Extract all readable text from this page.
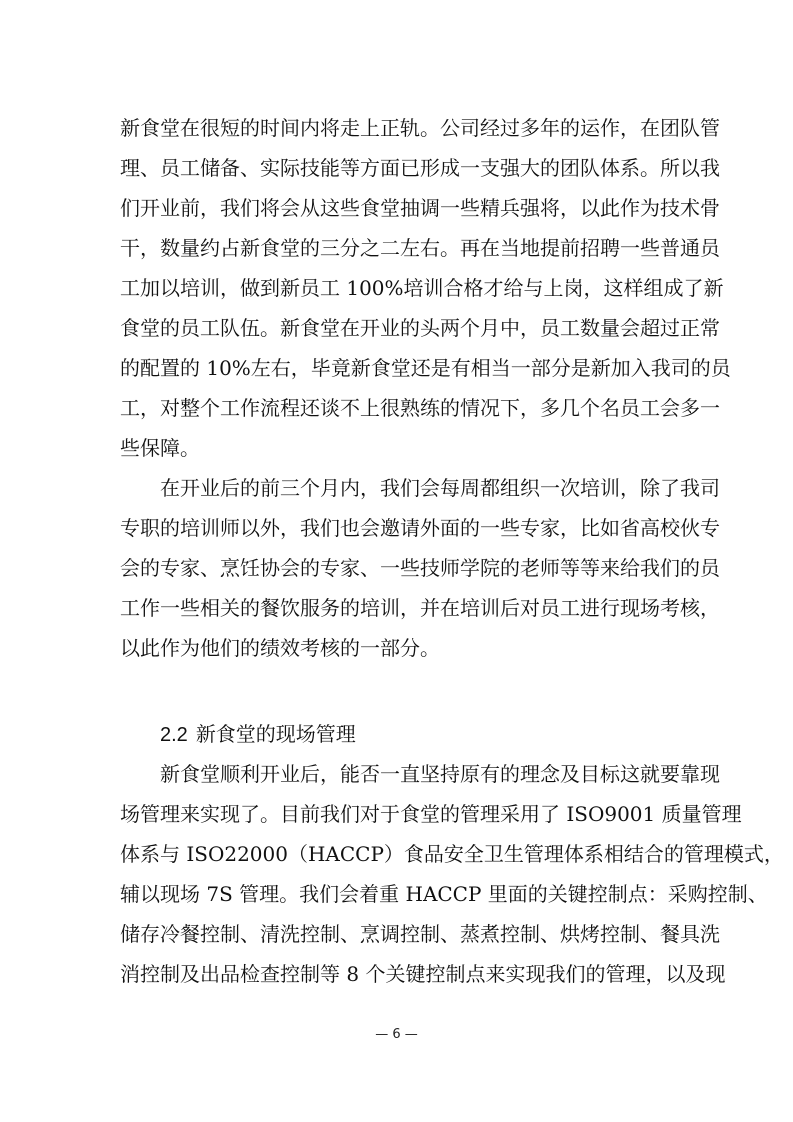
新食堂在很短的时间内将走上正轨。公司经过多年的运作，在团队管
理、员工储备、实际技能等方面已形成一支强大的团队体系。所以我
们开业前，我们将会从这些食堂抽调一些精兵强将，以此作为技术骨
干，数量约占新食堂的三分之二左右。再在当地提前招聘一些普通员
工加以培训，做到新员工 100%培训合格才给与上岗，这样组成了新
食堂的员工队伍。新食堂在开业的头两个月中，员工数量会超过正常
的配置的 10%左右，毕竟新食堂还是有相当一部分是新加入我司的员
工，对整个工作流程还谈不上很熟练的情况下，多几个名员工会多一
些保障。
在开业后的前三个月内，我们会每周都组织一次培训，除了我司
专职的培训师以外，我们也会邀请外面的一些专家，比如省高校伙专
会的专家、烹饪协会的专家、一些技师学院的老师等等来给我们的员
工作一些相关的餐饮服务的培训，并在培训后对员工进行现场考核，
以此作为他们的绩效考核的一部分。
2.2 新食堂的现场管理
新食堂顺利开业后，能否一直坚持原有的理念及目标这就要靠现
场管理来实现了。目前我们对于食堂的管理采用了 ISO9001 质量管理
体系与 ISO22000（HACCP）食品安全卫生管理体系相结合的管理模式，
辅以现场 7S 管理。我们会着重 HACCP 里面的关键控制点：采购控制、
储存冷餐控制、清洗控制、烹调控制、蒸煮控制、烘烤控制、餐具洗
消控制及出品检查控制等 8 个关键控制点来实现我们的管理，以及现
— 6 —
